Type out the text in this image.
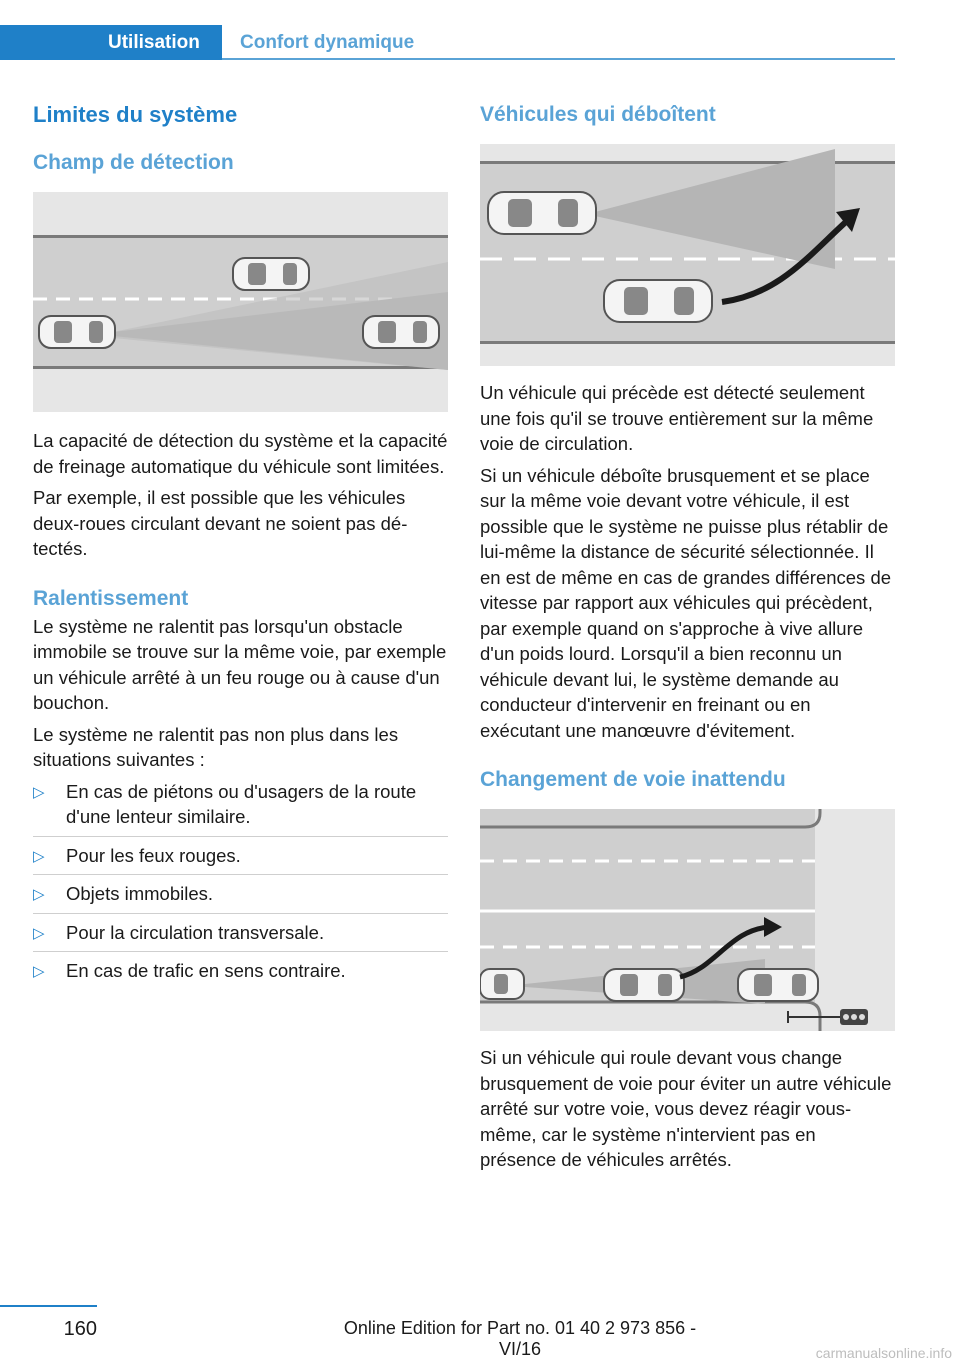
Utilisation	Confort dynamique
Limites du système
Champ de détection

La capacité de détection du système et la capacité de freinage automatique du véhicule sont limitées.

Par exemple, il est possible que les véhicules deux-roues circulant devant ne soient pas détectés.

Ralentissement

Le système ne ralentit pas lorsqu'un obstacle immobile se trouve sur la même voie, par exemple un véhicule arrêté à un feu rouge ou à cause d'un bouchon.

Le système ne ralentit pas non plus dans les situations suivantes :

▷ En cas de piétons ou d'usagers de la route d'une lenteur similaire.
▷ Pour les feux rouges.
▷ Objets immobiles.
▷ Pour la circulation transversale.
▷ En cas de trafic en sens contraire.
Véhicules qui déboîtent

Un véhicule qui précède est détecté seulement une fois qu'il se trouve entièrement sur la même voie de circulation.

Si un véhicule déboîte brusquement et se place sur la même voie devant votre véhicule, il est possible que le système ne puisse plus rétablir de lui-même la distance de sécurité sélectionnée. Il en est de même en cas de grandes différences de vitesse par rapport aux véhicules qui précèdent, par exemple quand on s'approche à vive allure d'un poids lourd. Lorsqu'il a bien reconnu un véhicule devant lui, le système demande au conducteur d'intervenir en freinant ou en exécutant une manœuvre d'évitement.

Changement de voie inattendu

Si un véhicule qui roule devant vous change brusquement de voie pour éviter un autre véhicule arrêté sur votre voie, vous devez réagir vous-même, car le système n'intervient pas en présence de véhicules arrêtés.

160	Online Edition for Part no. 01 40 2 973 856 - VI/16	carmanualsonline.info
